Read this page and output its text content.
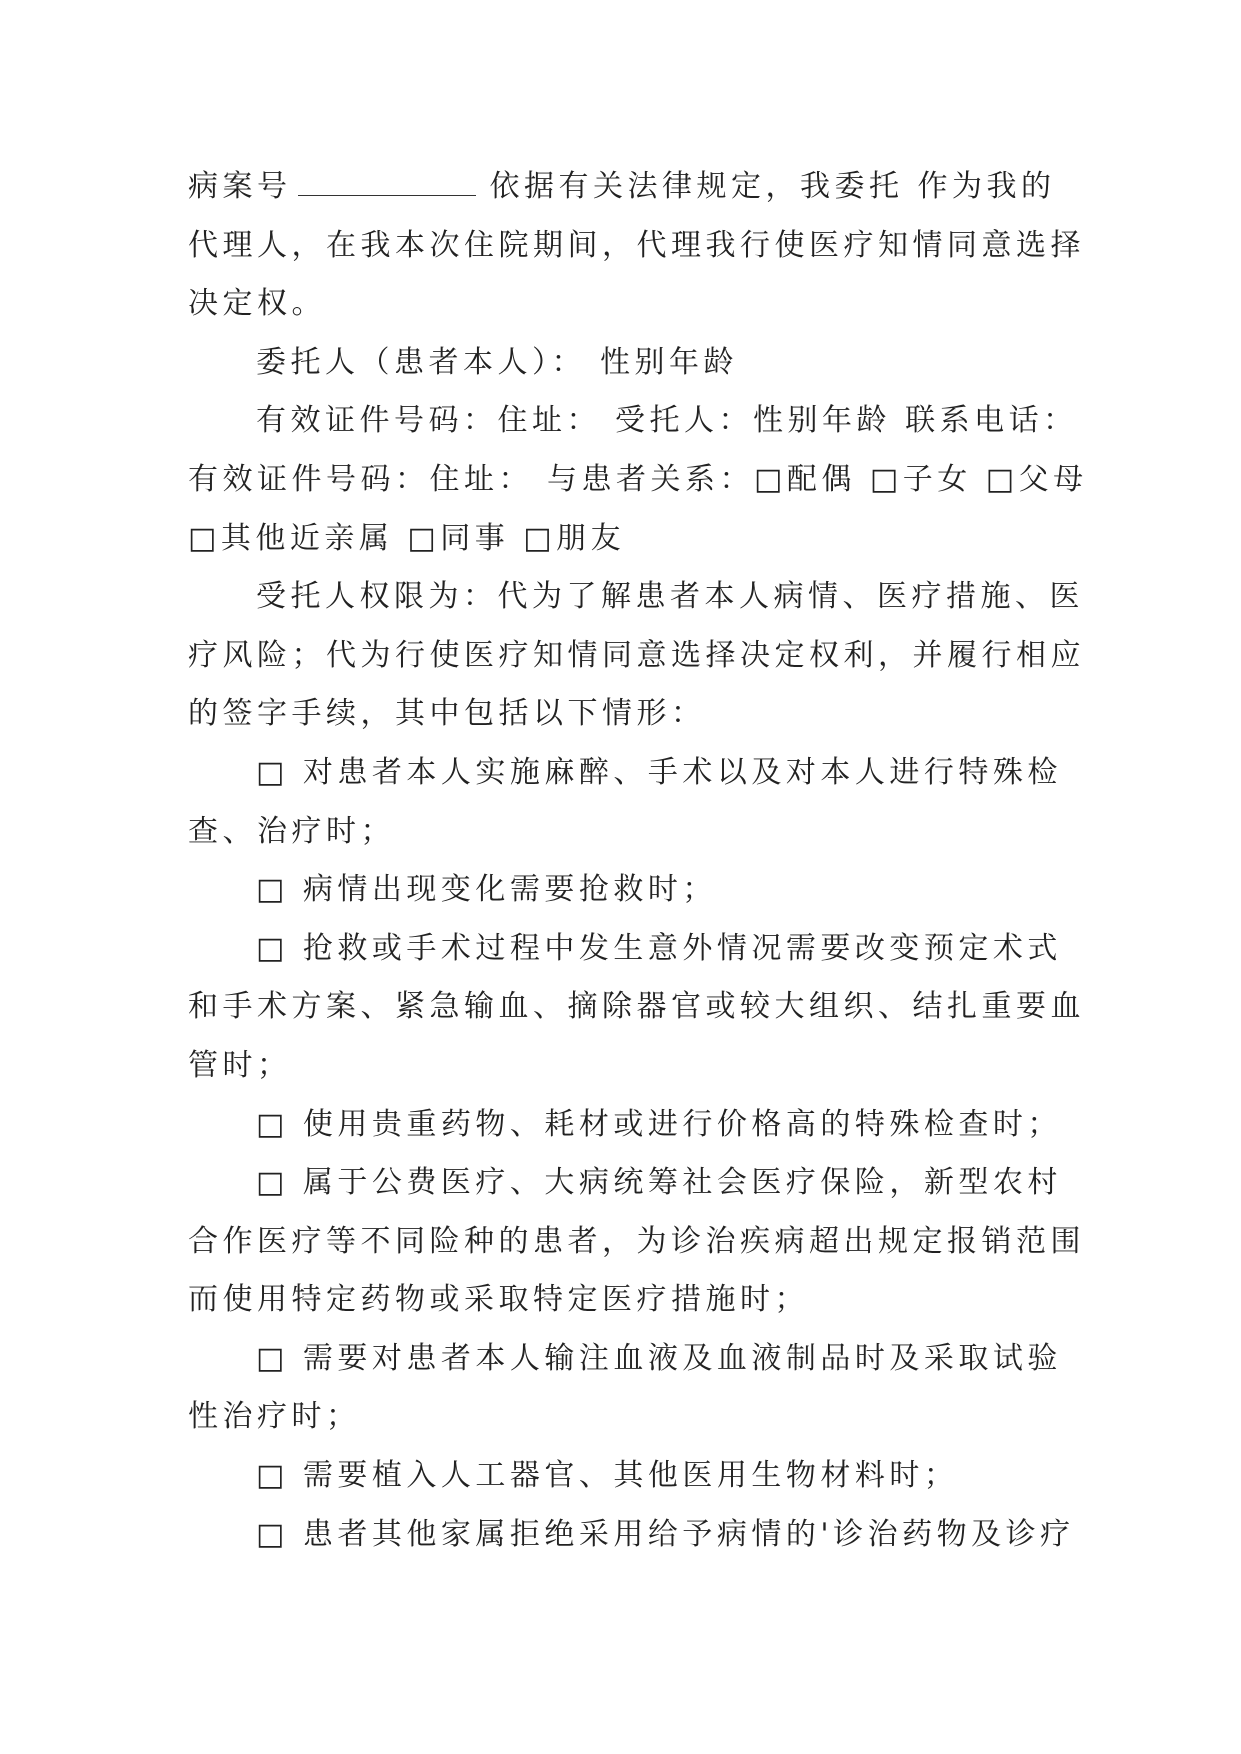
病案号	依据有关法律规定，我委托 作为我的
代理人，在我本次住院期间，代理我行使医疗知情同意选择
决定权。
委托人（患者本人）： 性别年龄
有效证件号码：住址： 受托人：性别年龄 联系电话：
有效证件号码：住址： 与患者关系：□配偶 □子女 □父母
□其他近亲属 □同事 □朋友
受托人权限为：代为了解患者本人病情、医疗措施、医
疗风险；代为行使医疗知情同意选择决定权利，并履行相应
的签字手续，其中包括以下情形：
□ 对患者本人实施麻醉、手术以及对本人进行特殊检
查、治疗时；
□ 病情出现变化需要抢救时；
□ 抢救或手术过程中发生意外情况需要改变预定术式
和手术方案、紧急输血、摘除器官或较大组织、结扎重要血
管时；
□ 使用贵重药物、耗材或进行价格高的特殊检查时；
□ 属于公费医疗、大病统筹社会医疗保险，新型农村
合作医疗等不同险种的患者，为诊治疾病超出规定报销范围
而使用特定药物或采取特定医疗措施时；
□ 需要对患者本人输注血液及血液制品时及采取试验
性治疗时；
□ 需要植入人工器官、其他医用生物材料时；
□ 患者其他家属拒绝采用给予病情的'诊治药物及诊疗
